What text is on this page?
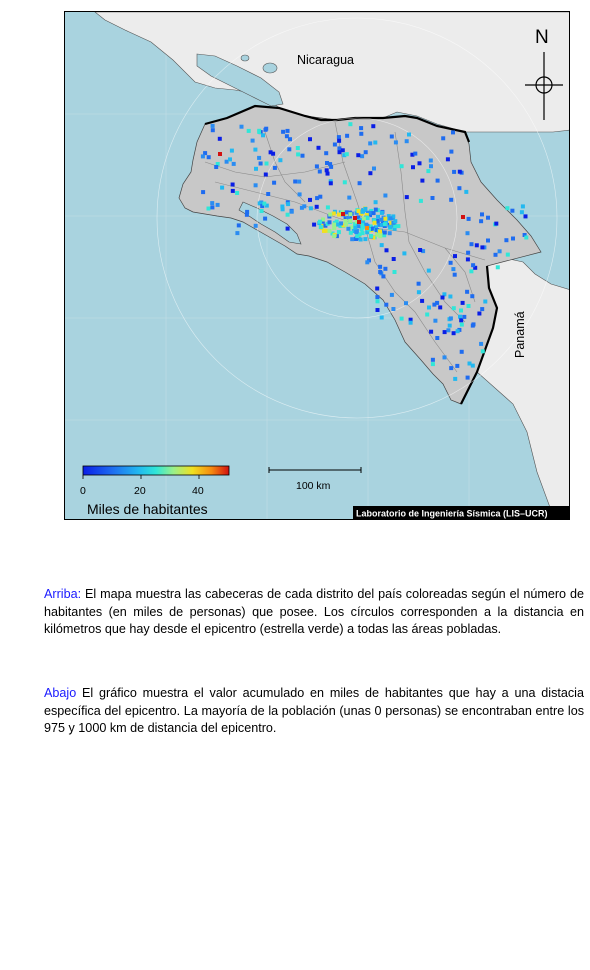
Nicaragua
Panamá
N
0	20	40
Miles de habitantes
100 km
Laboratorio de Ingeniería Sísmica (LIS–UCR)

Arriba: El mapa muestra las cabeceras de cada distrito del país coloreadas según el número de habitantes (en miles de personas) que posee. Los círculos corresponden a la distancia en kilómetros que hay desde el epicentro (estrella verde) a todas las áreas pobladas.

Abajo El gráfico muestra el valor acumulado en miles de habitantes que hay a una distacia específica del epicentro. La mayoría de la población (unas 0 personas) se encontraban entre los 975 y 1000 km de distancia del epicentro.
